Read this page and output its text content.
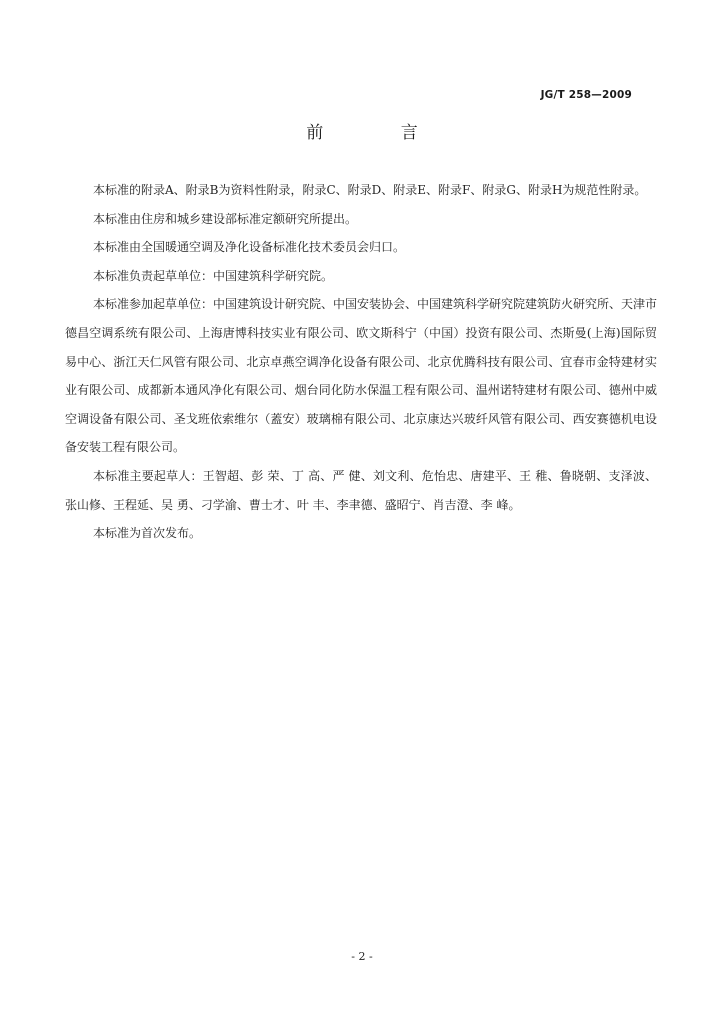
JG/T 258—2009
前 言

本标准的附录A、附录B为资料性附录，附录C、附录D、附录E、附录F、附录G、附录H为规范性附录。

本标准由住房和城乡建设部标准定额研究所提出。

本标准由全国暖通空调及净化设备标准化技术委员会归口。

本标准负责起草单位：中国建筑科学研究院。

本标准参加起草单位：中国建筑设计研究院、中国安装协会、中国建筑科学研究院建筑防火研究所、天津市德昌空调系统有限公司、上海唐博科技实业有限公司、欧文斯科宁（中国）投资有限公司、杰斯曼(上海)国际贸易中心、浙江天仁风管有限公司、北京卓燕空调净化设备有限公司、北京优腾科技有限公司、宜春市金特建材实业有限公司、成都新本通风净化有限公司、烟台同化防水保温工程有限公司、温州诺特建材有限公司、德州中威空调设备有限公司、圣戈班依索维尔（蓋安）玻璃棉有限公司、北京康达兴玻纤风管有限公司、西安赛德机电设备安装工程有限公司。

本标准主要起草人：王智超、彭 荣、丁 高、严 健、刘文利、危怡忠、唐建平、王 稚、鲁晓朝、支泽波、张山修、王程延、吴 勇、刁学渝、曹士才、叶 丰、李聿德、盛昭宁、肖吉澄、李 峰。

本标准为首次发布。

- 2 -
